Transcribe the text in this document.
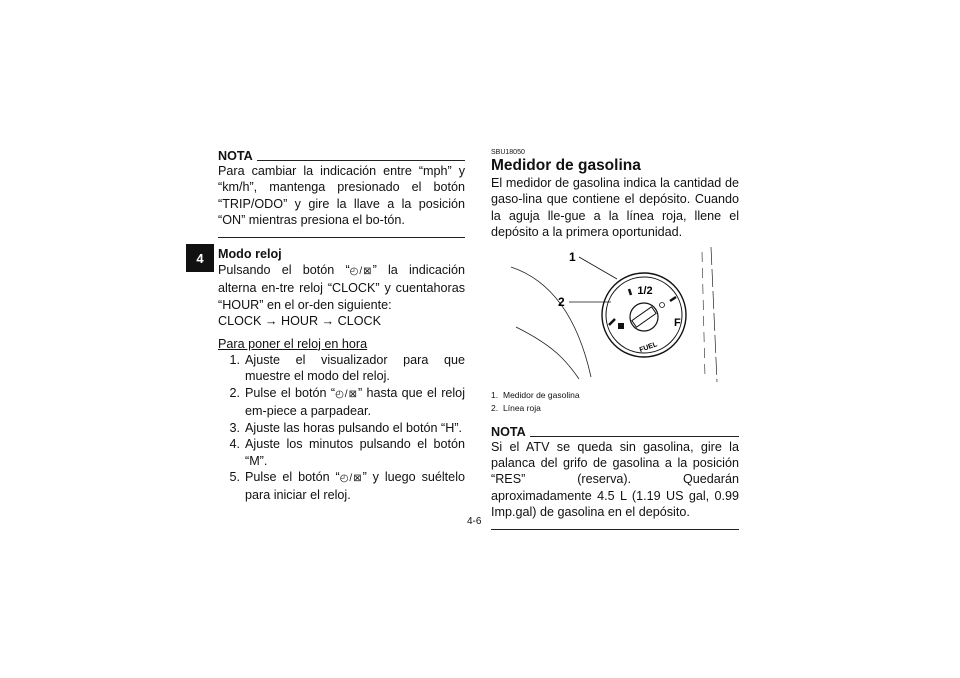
4
NOTA
Para cambiar la indicación entre “mph” y “km/h”, mantenga presionado el botón “TRIP/ODO” y gire la llave a la posición “ON” mientras presiona el bo-tón.
Modo reloj
Pulsando el botón “◴/⊠” la indicación alterna en-tre reloj “CLOCK” y cuentahoras “HOUR” en el or-den siguiente:
CLOCK → HOUR → CLOCK
Para poner el reloj en hora
1. Ajuste el visualizador para que muestre el modo del reloj.
2. Pulse el botón “◴/⊠” hasta que el reloj em-piece a parpadear.
3. Ajuste las horas pulsando el botón “H”.
4. Ajuste los minutos pulsando el botón “M”.
5. Pulse el botón “◴/⊠” y luego suéltelo para iniciar el reloj.
SBU18050
Medidor de gasolina
El medidor de gasolina indica la cantidad de gaso-lina que contiene el depósito. Cuando la aguja lle-gue a la línea roja, llene el depósito a la primera oportunidad.
1/2
F
FUEL
1
2
1. Medidor de gasolina
2. Línea roja
NOTA
Si el ATV se queda sin gasolina, gire la palanca del grifo de gasolina a la posición “RES” (reserva). Quedarán aproximadamente 4.5 L (1.19 US gal, 0.99 Imp.gal) de gasolina en el depósito.
4-6
